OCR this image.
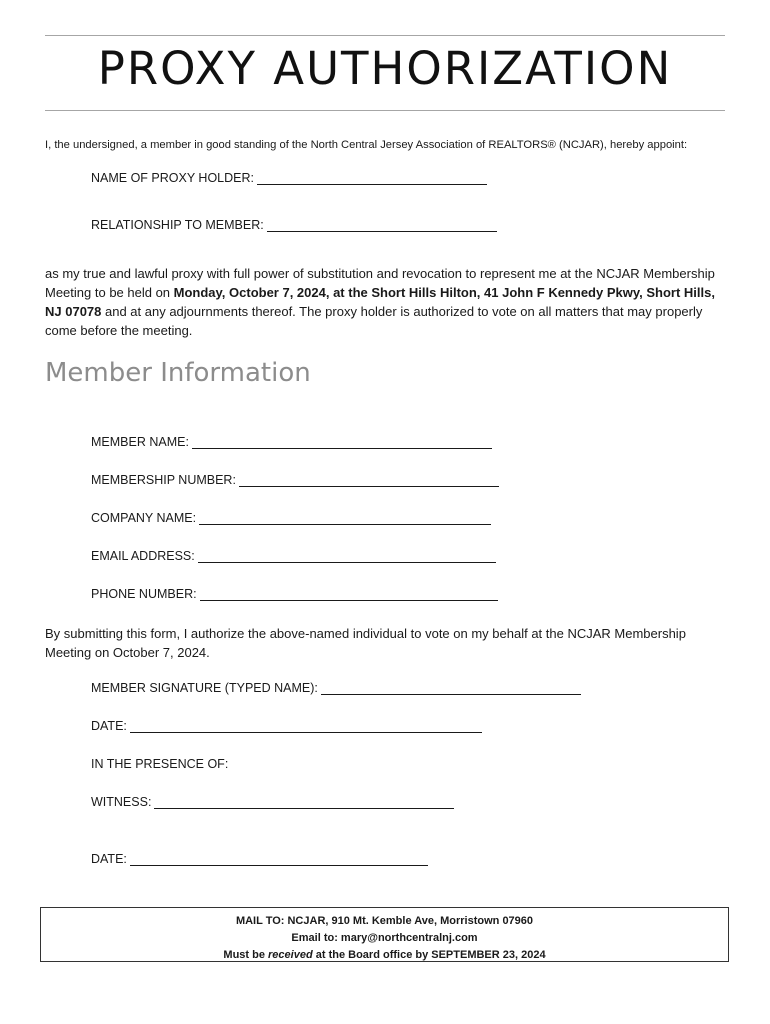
PROXY AUTHORIZATION
I, the undersigned, a member in good standing of the North Central Jersey Association of REALTORS® (NCJAR), hereby appoint:
NAME OF PROXY HOLDER:
RELATIONSHIP TO MEMBER:
as my true and lawful proxy with full power of substitution and revocation to represent me at the NCJAR Membership Meeting to be held on Monday, October 7, 2024, at the Short Hills Hilton, 41 John F Kennedy Pkwy, Short Hills, NJ 07078 and at any adjournments thereof. The proxy holder is authorized to vote on all matters that may properly come before the meeting.
Member Information
MEMBER NAME:
MEMBERSHIP NUMBER:
COMPANY NAME:
EMAIL ADDRESS:
PHONE NUMBER:
By submitting this form, I authorize the above-named individual to vote on my behalf at the NCJAR Membership Meeting on October 7, 2024.
MEMBER SIGNATURE (TYPED NAME):
DATE:
IN THE PRESENCE OF:
WITNESS:
DATE:
MAIL TO: NCJAR, 910 Mt. Kemble Ave, Morristown 07960
Email to: mary@northcentralnj.com
Must be received at the Board office by SEPTEMBER 23, 2024
